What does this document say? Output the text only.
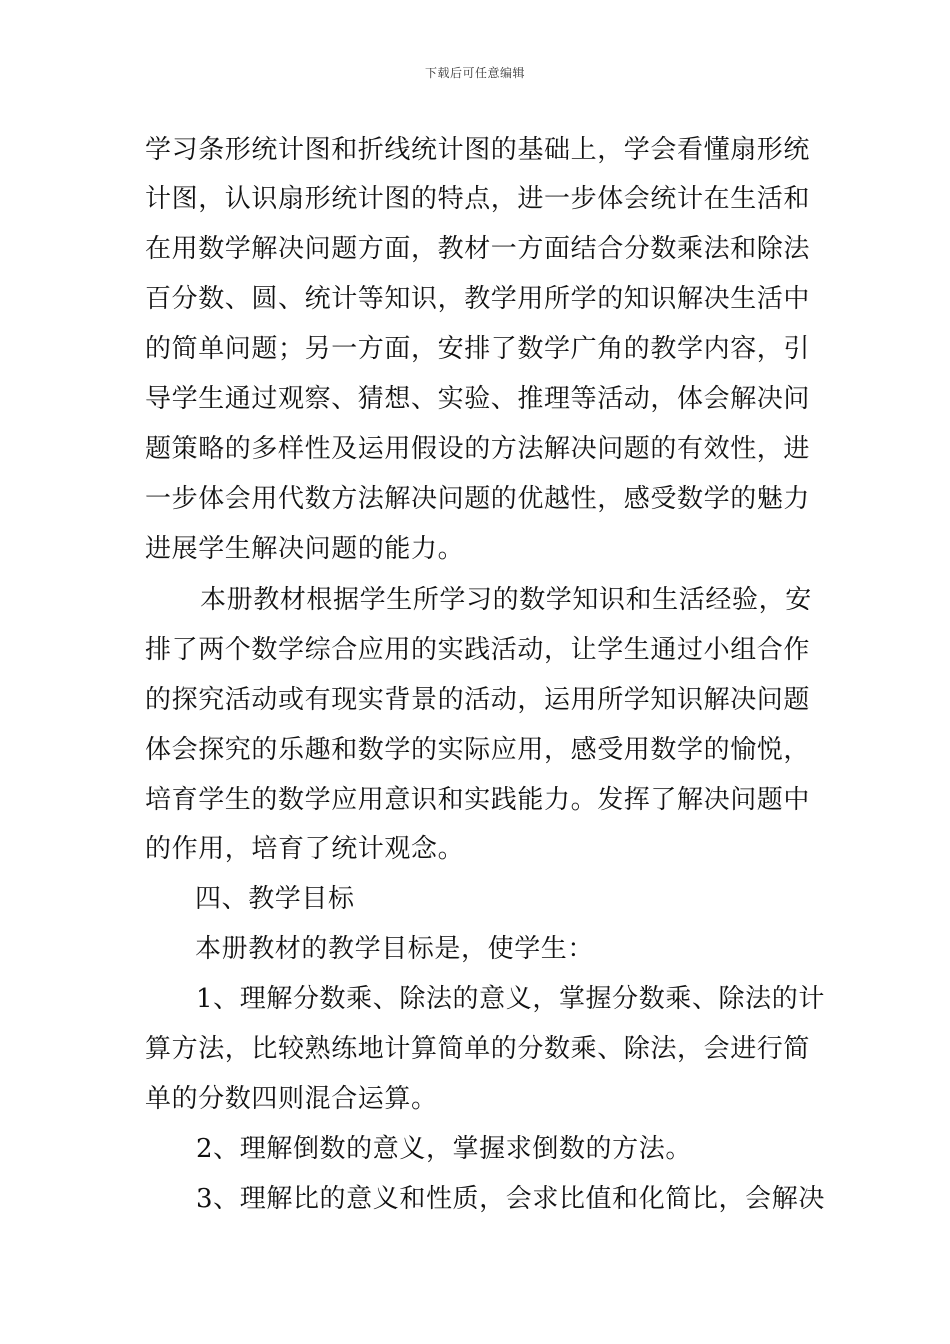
下载后可任意编辑
学习条形统计图和折线统计图的基础上，学会看懂扇形统
计图，认识扇形统计图的特点，进一步体会统计在生活和
在用数学解决问题方面，教材一方面结合分数乘法和除法
百分数、圆、统计等知识，教学用所学的知识解决生活中
的简单问题；另一方面，安排了数学广角的教学内容，引
导学生通过观察、猜想、实验、推理等活动，体会解决问
题策略的多样性及运用假设的方法解决问题的有效性，进
一步体会用代数方法解决问题的优越性，感受数学的魅力
进展学生解决问题的能力。
本册教材根据学生所学习的数学知识和生活经验，安
排了两个数学综合应用的实践活动，让学生通过小组合作
的探究活动或有现实背景的活动，运用所学知识解决问题
体会探究的乐趣和数学的实际应用，感受用数学的愉悦，
培育学生的数学应用意识和实践能力。发挥了解决问题中
的作用，培育了统计观念。
四、教学目标
本册教材的教学目标是，使学生：
1、理解分数乘、除法的意义，掌握分数乘、除法的计
算方法，比较熟练地计算简单的分数乘、除法，会进行简
单的分数四则混合运算。
2、理解倒数的意义，掌握求倒数的方法。
3、理解比的意义和性质，会求比值和化简比，会解决
